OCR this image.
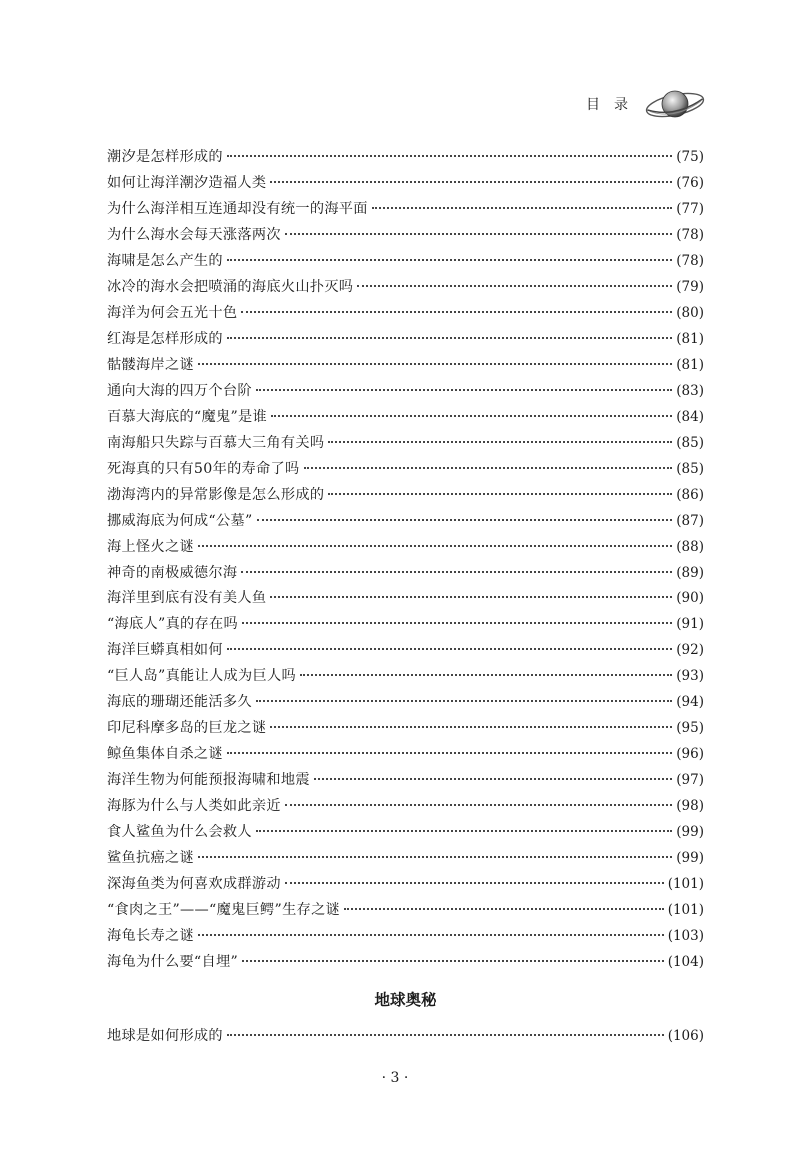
目录
潮汐是怎样形成的	(75)
如何让海洋潮汐造福人类	(76)
为什么海洋相互连通却没有统一的海平面	(77)
为什么海水会每天涨落两次	(78)
海啸是怎么产生的	(78)
冰冷的海水会把喷涌的海底火山扑灭吗	(79)
海洋为何会五光十色	(80)
红海是怎样形成的	(81)
骷髅海岸之谜	(81)
通向大海的四万个台阶	(83)
百慕大海底的“魔鬼”是谁	(84)
南海船只失踪与百慕大三角有关吗	(85)
死海真的只有50年的寿命了吗	(85)
渤海湾内的异常影像是怎么形成的	(86)
挪威海底为何成“公墓”	(87)
海上怪火之谜	(88)
神奇的南极威德尔海	(89)
海洋里到底有没有美人鱼	(90)
“海底人”真的存在吗	(91)
海洋巨蟒真相如何	(92)
“巨人岛”真能让人成为巨人吗	(93)
海底的珊瑚还能活多久	(94)
印尼科摩多岛的巨龙之谜	(95)
鲸鱼集体自杀之谜	(96)
海洋生物为何能预报海啸和地震	(97)
海豚为什么与人类如此亲近	(98)
食人鲨鱼为什么会救人	(99)
鲨鱼抗癌之谜	(99)
深海鱼类为何喜欢成群游动	(101)
“食肉之王”——“魔鬼巨鳄”生存之谜	(101)
海龟长寿之谜	(103)
海龟为什么要“自埋”	(104)
地球奥秘
地球是如何形成的	(106)
· 3 ·
